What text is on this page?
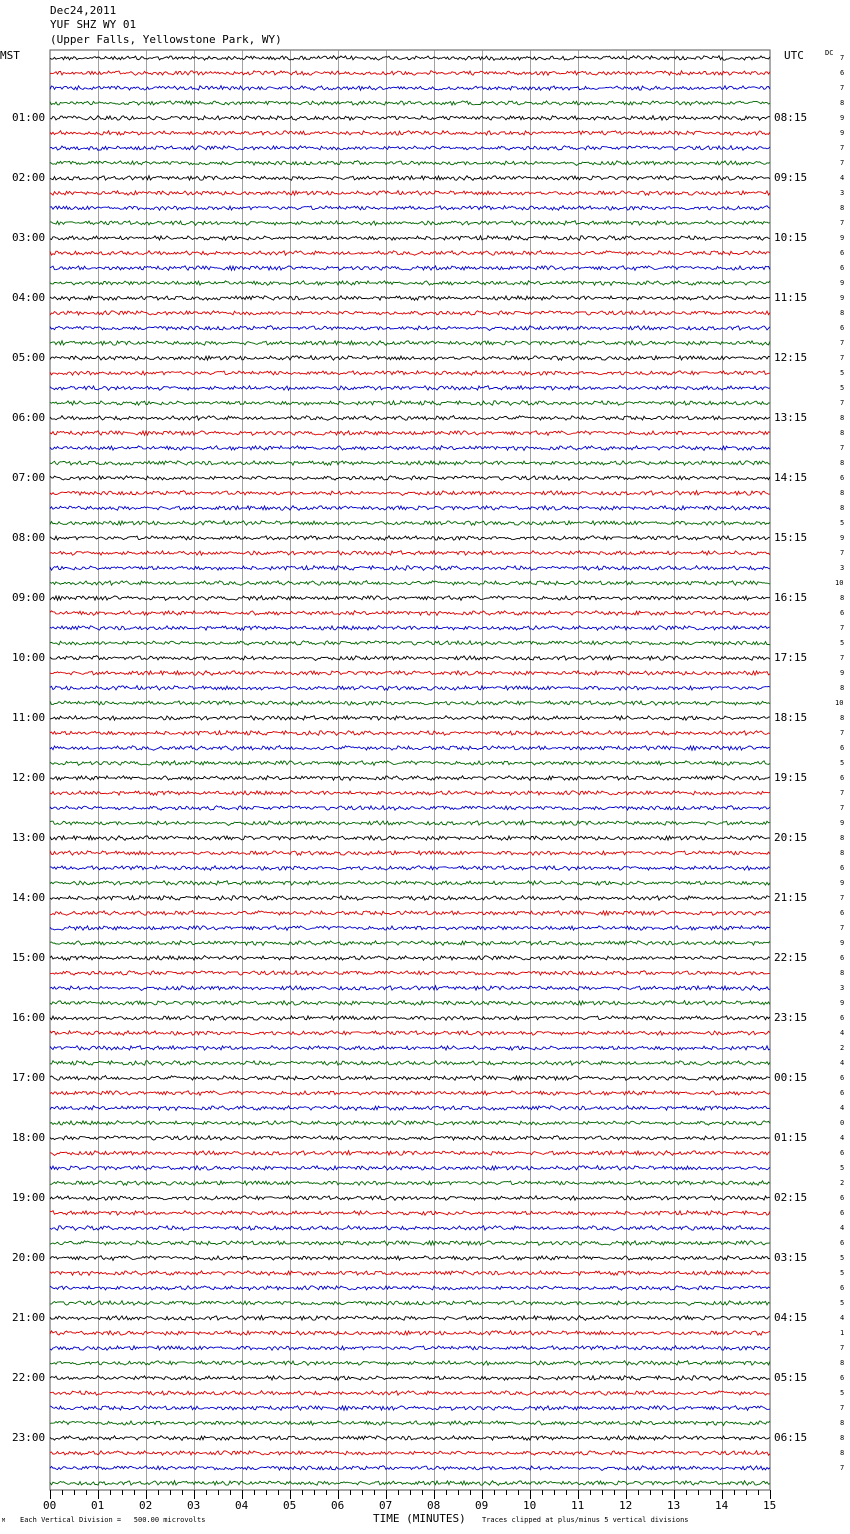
Dec24,2011
YUF SHZ WY 01
(Upper Falls, Yellowstone Park, WY)
MST	UTC	DC
01:00
02:00
03:00
04:00
05:00
06:00
07:00
08:00
09:00
10:00
11:00
12:00
13:00
14:00
15:00
16:00
17:00
18:00
19:00
20:00
21:00
22:00
23:00
08:15
09:15
10:15
11:15
12:15
13:15
14:15
15:15
16:15
17:15
18:15
19:15
20:15
21:15
22:15
23:15
00:15
01:15
02:15
03:15
04:15
05:15
06:15
7
6
7
8
9
9
7
7
4
3
8
7
9
6
6
9
9
8
6
7
7
5
5
7
8
8
7
8
6
8
8
5
9
7
3
10
8
6
7
5
7
9
8
10
8
7
6
5
6
7
7
9
8
8
6
9
7
6
7
9
6
8
3
9
6
4
2
4
6
6
4
0
4
6
5
2
6
6
4
6
5
5
6
5
4
1
7
8
6
5
7
8
8
8
7
00	01	02	03	04	05	06	07	08	09	10	11	12	13	14	15
TIME (MINUTES)
Each Vertical Division =   500.00 microvolts	Traces clipped at plus/minus 5 vertical divisions
M
